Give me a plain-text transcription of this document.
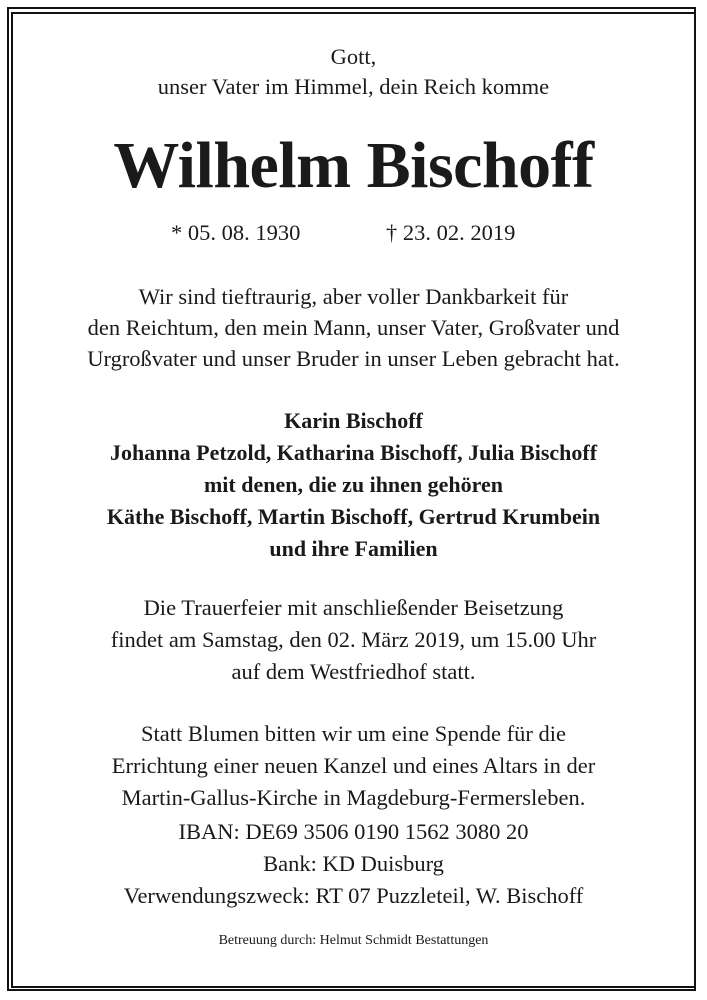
Gott,
unser Vater im Himmel, dein Reich komme
Wilhelm Bischoff
* 05. 08. 1930	† 23. 02. 2019
Wir sind tieftraurig, aber voller Dankbarkeit für
den Reichtum, den mein Mann, unser Vater, Großvater und
Urgroßvater und unser Bruder in unser Leben gebracht hat.
Karin Bischoff
Johanna Petzold, Katharina Bischoff, Julia Bischoff
mit denen, die zu ihnen gehören
Käthe Bischoff, Martin Bischoff, Gertrud Krumbein
und ihre Familien
Die Trauerfeier mit anschließender Beisetzung
findet am Samstag, den 02. März 2019, um 15.00 Uhr
auf dem Westfriedhof statt.
Statt Blumen bitten wir um eine Spende für die
Errichtung einer neuen Kanzel und eines Altars in der
Martin-Gallus-Kirche in Magdeburg-Fermersleben.
IBAN: DE69 3506 0190 1562 3080 20
Bank: KD Duisburg
Verwendungszweck: RT 07 Puzzleteil, W. Bischoff
Betreuung durch: Helmut Schmidt Bestattungen
